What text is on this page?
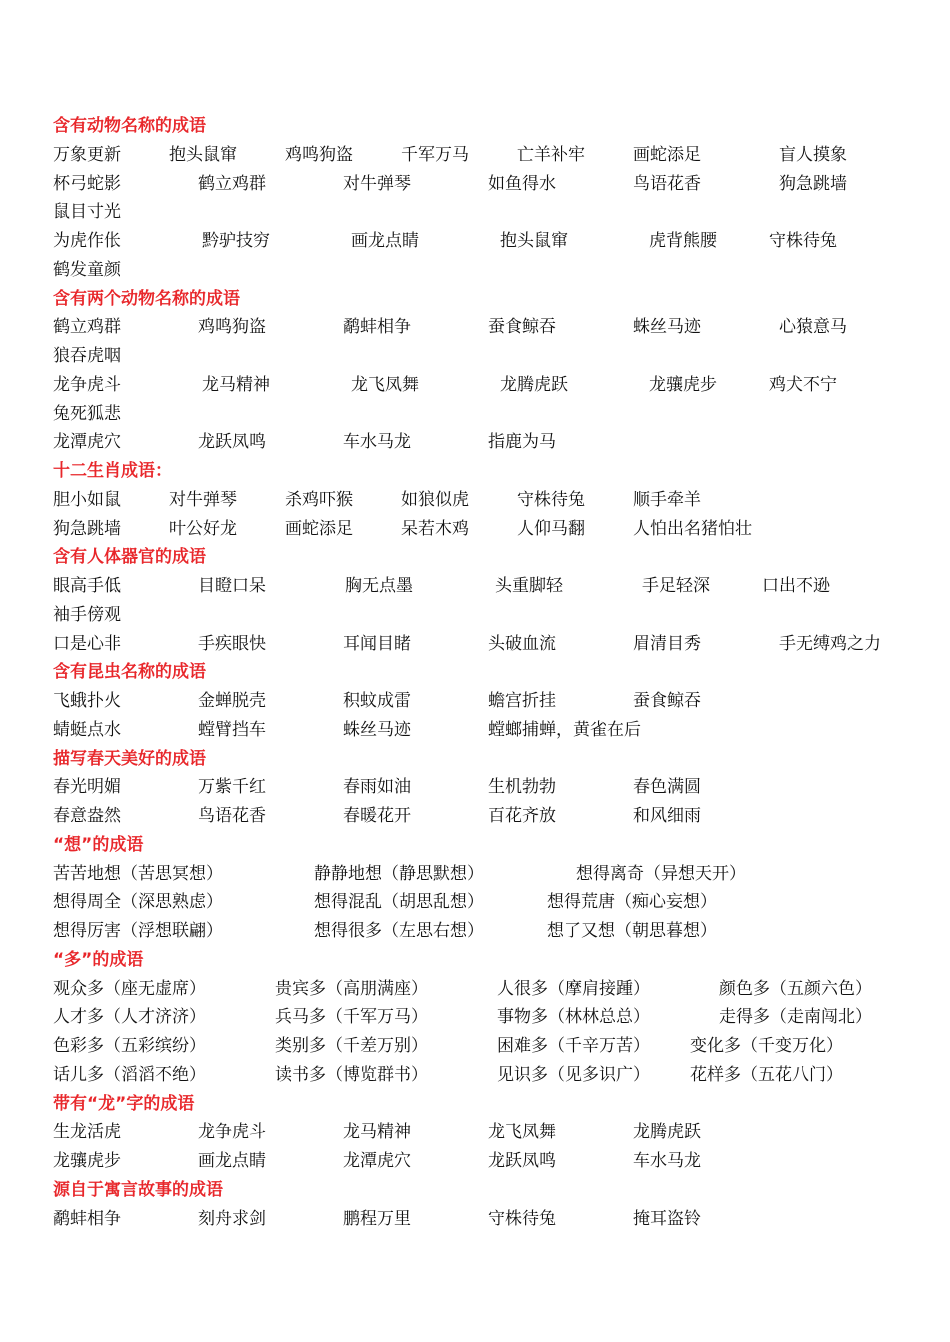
含有动物名称的成语
万象更新	抱头鼠窜	鸡鸣狗盗	千军万马	亡羊补牢	画蛇添足	盲人摸象
杯弓蛇影	鹤立鸡群	对牛弹琴	如鱼得水	鸟语花香	狗急跳墙
鼠目寸光
为虎作伥	黔驴技穷	画龙点睛	抱头鼠窜	虎背熊腰	守株待兔
鹤发童颜
含有两个动物名称的成语
鹤立鸡群	鸡鸣狗盗	鹬蚌相争	蚕食鲸吞	蛛丝马迹	心猿意马
狼吞虎咽
龙争虎斗	龙马精神	龙飞凤舞	龙腾虎跃	龙骧虎步	鸡犬不宁
兔死狐悲
龙潭虎穴	龙跃凤鸣	车水马龙	指鹿为马
十二生肖成语：
胆小如鼠	对牛弹琴	杀鸡吓猴	如狼似虎	守株待兔	顺手牵羊
狗急跳墙	叶公好龙	画蛇添足	呆若木鸡	人仰马翻	人怕出名猪怕壮
含有人体器官的成语
眼高手低	目瞪口呆	胸无点墨	头重脚轻	手足轻深	口出不逊
袖手傍观
口是心非	手疾眼快	耳闻目睹	头破血流	眉清目秀	手无缚鸡之力
含有昆虫名称的成语
飞蛾扑火	金蝉脱壳	积蚊成雷	蟾宫折挂	蚕食鲸吞
蜻蜓点水	螳臂挡车	蛛丝马迹	螳螂捕蝉，黄雀在后
描写春天美好的成语
春光明媚	万紫千红	春雨如油	生机勃勃	春色满圆
春意盎然	鸟语花香	春暖花开	百花齐放	和风细雨
“想”的成语
苦苦地想（苦思冥想）	静静地想（静思默想）	想得离奇（异想天开）
想得周全（深思熟虑）	想得混乱（胡思乱想）	想得荒唐（痴心妄想）
想得厉害（浮想联翩）	想得很多（左思右想）	想了又想（朝思暮想）
“多”的成语
观众多（座无虚席）	贵宾多（高朋满座）	人很多（摩肩接踵）	颜色多（五颜六色）
人才多（人才济济）	兵马多（千军万马）	事物多（林林总总）	走得多（走南闯北）
色彩多（五彩缤纷）	类别多（千差万别）	困难多（千辛万苦） 变化多（千变万化）
话儿多（滔滔不绝）	读书多（博览群书）	见识多（见多识广） 花样多（五花八门）
带有“龙”字的成语
生龙活虎	龙争虎斗	龙马精神	龙飞凤舞	龙腾虎跃
龙骧虎步	画龙点睛	龙潭虎穴	龙跃凤鸣	车水马龙
源自于寓言故事的成语
鹬蚌相争	刻舟求剑	鹏程万里	守株待兔	掩耳盗铃
